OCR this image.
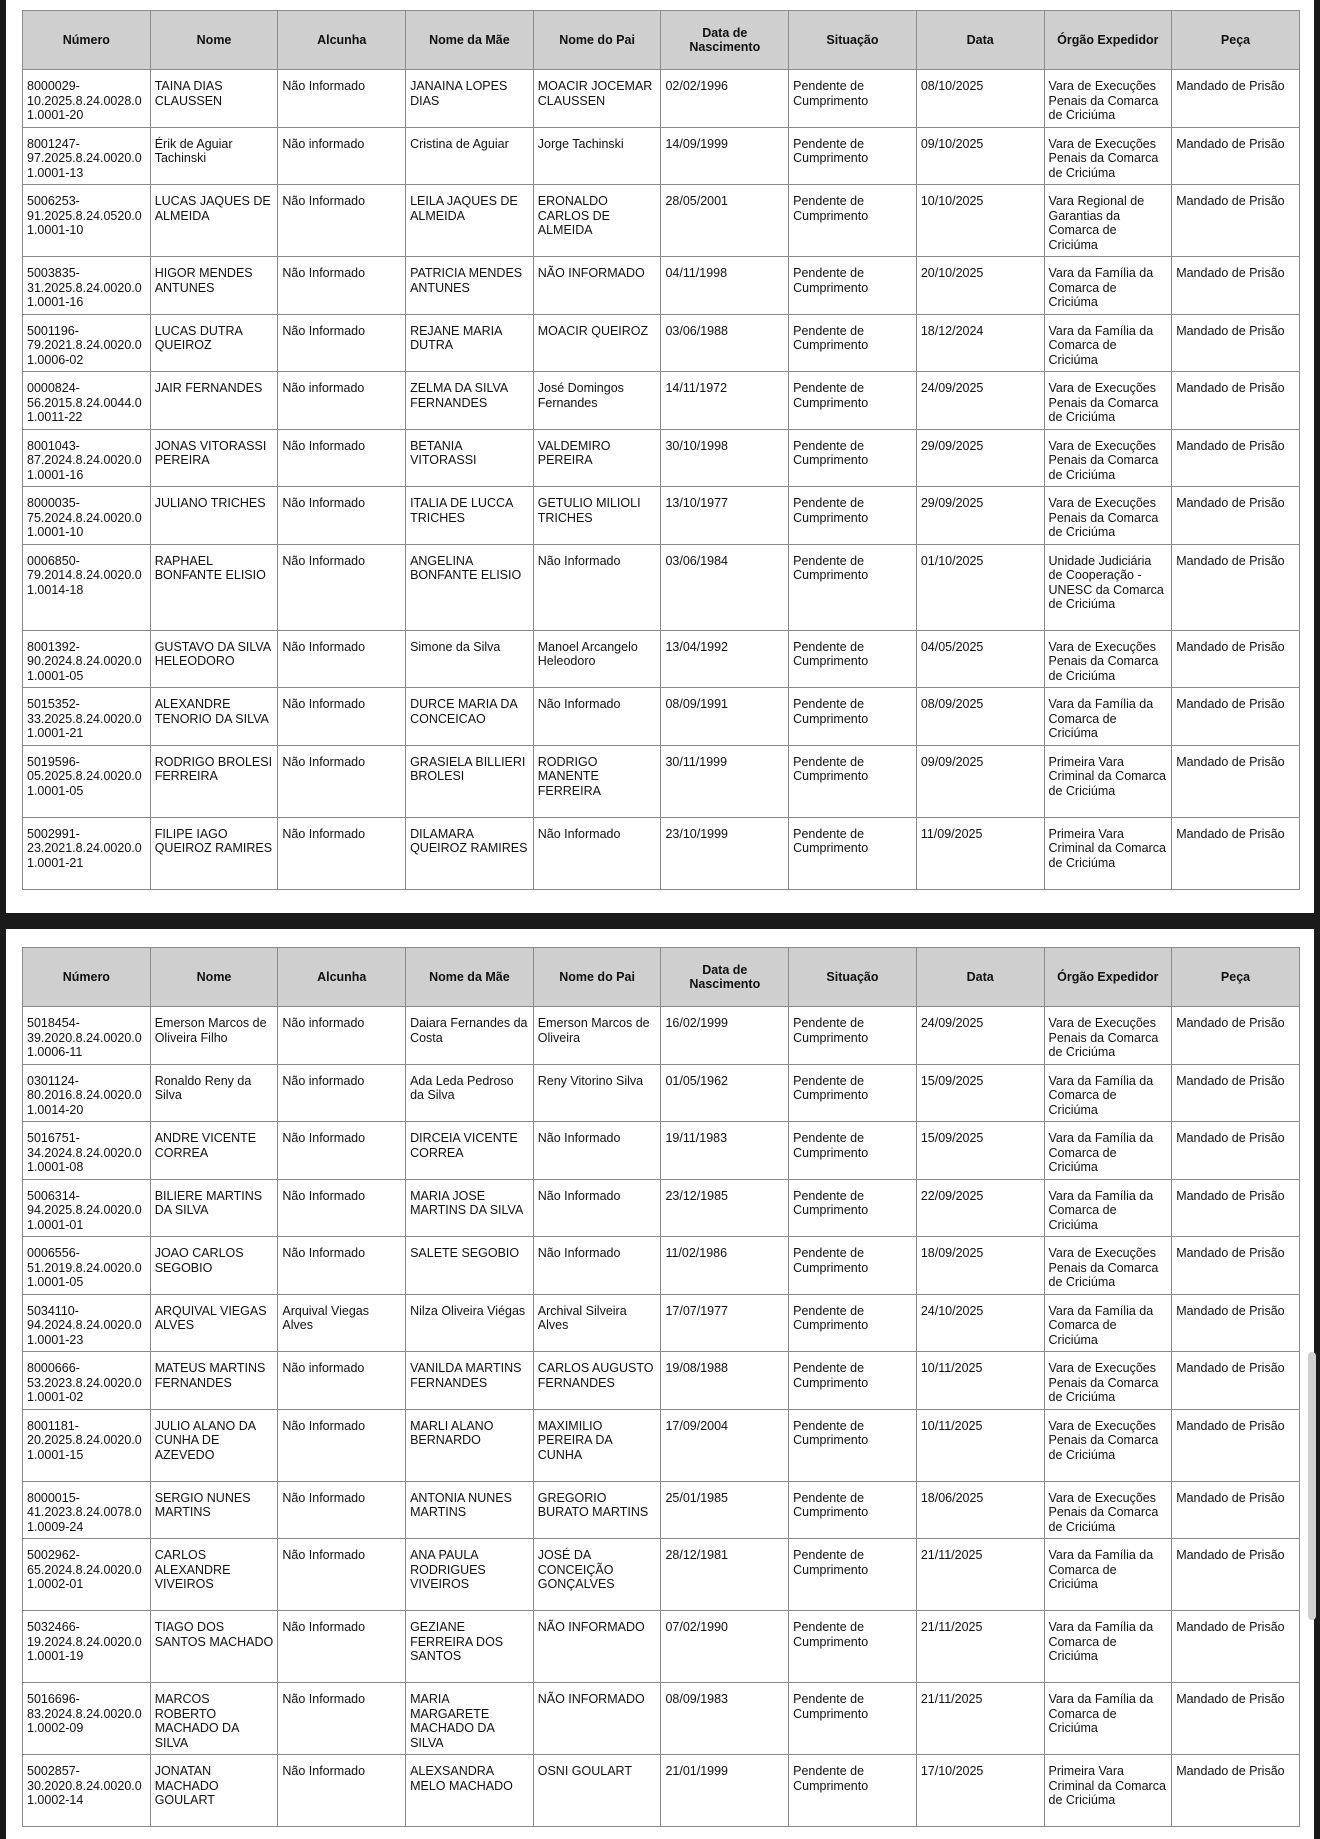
Número	Nome	Alcunha	Nome da Mãe	Nome do Pai	Data de Nascimento	Situação	Data	Órgão Expedidor	Peça
8000029-10.2025.8.24.0028.0 1.0001-20	TAINA DIAS CLAUSSEN	Não Informado	JANAINA LOPES DIAS	MOACIR JOCEMAR CLAUSSEN	02/02/1996	Pendente de Cumprimento	08/10/2025	Vara de Execuções Penais da Comarca de Criciúma	Mandado de Prisão
8001247-97.2025.8.24.0020.0 1.0001-13	Érik de Aguiar Tachinski	Não informado	Cristina de Aguiar	Jorge Tachinski	14/09/1999	Pendente de Cumprimento	09/10/2025	Vara de Execuções Penais da Comarca de Criciúma	Mandado de Prisão
5006253-91.2025.8.24.0520.0 1.0001-10	LUCAS JAQUES DE ALMEIDA	Não Informado	LEILA JAQUES DE ALMEIDA	ERONALDO CARLOS DE ALMEIDA	28/05/2001	Pendente de Cumprimento	10/10/2025	Vara Regional de Garantias da Comarca de Criciúma	Mandado de Prisão
5003835-31.2025.8.24.0020.0 1.0001-16	HIGOR MENDES ANTUNES	Não Informado	PATRICIA MENDES ANTUNES	NÃO INFORMADO	04/11/1998	Pendente de Cumprimento	20/10/2025	Vara da Família da Comarca de Criciúma	Mandado de Prisão
5001196-79.2021.8.24.0020.0 1.0006-02	LUCAS DUTRA QUEIROZ	Não Informado	REJANE MARIA DUTRA	MOACIR QUEIROZ	03/06/1988	Pendente de Cumprimento	18/12/2024	Vara da Família da Comarca de Criciúma	Mandado de Prisão
0000824-56.2015.8.24.0044.0 1.0011-22	JAIR FERNANDES	Não informado	ZELMA DA SILVA FERNANDES	José Domingos Fernandes	14/11/1972	Pendente de Cumprimento	24/09/2025	Vara de Execuções Penais da Comarca de Criciúma	Mandado de Prisão
8001043-87.2024.8.24.0020.0 1.0001-16	JONAS VITORASSI PEREIRA	Não Informado	BETANIA VITORASSI	VALDEMIRO PEREIRA	30/10/1998	Pendente de Cumprimento	29/09/2025	Vara de Execuções Penais da Comarca de Criciúma	Mandado de Prisão
8000035-75.2024.8.24.0020.0 1.0001-10	JULIANO TRICHES	Não Informado	ITALIA DE LUCCA TRICHES	GETULIO MILIOLI TRICHES	13/10/1977	Pendente de Cumprimento	29/09/2025	Vara de Execuções Penais da Comarca de Criciúma	Mandado de Prisão
0006850-79.2014.8.24.0020.0 1.0014-18	RAPHAEL BONFANTE ELISIO	Não Informado	ANGELINA BONFANTE ELISIO	Não Informado	03/06/1984	Pendente de Cumprimento	01/10/2025	Unidade Judiciária de Cooperação - UNESC da Comarca de Criciúma	Mandado de Prisão
8001392-90.2024.8.24.0020.0 1.0001-05	GUSTAVO DA SILVA HELEODORO	Não Informado	Simone da Silva	Manoel Arcangelo Heleodoro	13/04/1992	Pendente de Cumprimento	04/05/2025	Vara de Execuções Penais da Comarca de Criciúma	Mandado de Prisão
5015352-33.2025.8.24.0020.0 1.0001-21	ALEXANDRE TENORIO DA SILVA	Não Informado	DURCE MARIA DA CONCEICAO	Não Informado	08/09/1991	Pendente de Cumprimento	08/09/2025	Vara da Família da Comarca de Criciúma	Mandado de Prisão
5019596-05.2025.8.24.0020.0 1.0001-05	RODRIGO BROLESI FERREIRA	Não Informado	GRASIELA BILLIERI BROLESI	RODRIGO MANENTE FERREIRA	30/11/1999	Pendente de Cumprimento	09/09/2025	Primeira Vara Criminal da Comarca de Criciúma	Mandado de Prisão
5002991-23.2021.8.24.0020.0 1.0001-21	FILIPE IAGO QUEIROZ RAMIRES	Não Informado	DILAMARA QUEIROZ RAMIRES	Não Informado	23/10/1999	Pendente de Cumprimento	11/09/2025	Primeira Vara Criminal da Comarca de Criciúma	Mandado de Prisão
Número	Nome	Alcunha	Nome da Mãe	Nome do Pai	Data de Nascimento	Situação	Data	Órgão Expedidor	Peça
5018454-39.2020.8.24.0020.0 1.0006-11	Emerson Marcos de Oliveira Filho	Não informado	Daiara Fernandes da Costa	Emerson Marcos de Oliveira	16/02/1999	Pendente de Cumprimento	24/09/2025	Vara de Execuções Penais da Comarca de Criciúma	Mandado de Prisão
0301124-80.2016.8.24.0020.0 1.0014-20	Ronaldo Reny da Silva	Não informado	Ada Leda Pedroso da Silva	Reny Vitorino Silva	01/05/1962	Pendente de Cumprimento	15/09/2025	Vara da Família da Comarca de Criciúma	Mandado de Prisão
5016751-34.2024.8.24.0020.0 1.0001-08	ANDRE VICENTE CORREA	Não Informado	DIRCEIA VICENTE CORREA	Não Informado	19/11/1983	Pendente de Cumprimento	15/09/2025	Vara da Família da Comarca de Criciúma	Mandado de Prisão
5006314-94.2025.8.24.0020.0 1.0001-01	BILIERE MARTINS DA SILVA	Não Informado	MARIA JOSE MARTINS DA SILVA	Não Informado	23/12/1985	Pendente de Cumprimento	22/09/2025	Vara da Família da Comarca de Criciúma	Mandado de Prisão
0006556-51.2019.8.24.0020.0 1.0001-05	JOAO CARLOS SEGOBIO	Não Informado	SALETE SEGOBIO	Não Informado	11/02/1986	Pendente de Cumprimento	18/09/2025	Vara de Execuções Penais da Comarca de Criciúma	Mandado de Prisão
5034110-94.2024.8.24.0020.0 1.0001-23	ARQUIVAL VIEGAS ALVES	Arquival Viegas Alves	Nilza Oliveira Viégas	Archival Silveira Alves	17/07/1977	Pendente de Cumprimento	24/10/2025	Vara da Família da Comarca de Criciúma	Mandado de Prisão
8000666-53.2023.8.24.0020.0 1.0001-02	MATEUS MARTINS FERNANDES	Não informado	VANILDA MARTINS FERNANDES	CARLOS AUGUSTO FERNANDES	19/08/1988	Pendente de Cumprimento	10/11/2025	Vara de Execuções Penais da Comarca de Criciúma	Mandado de Prisão
8001181-20.2025.8.24.0020.0 1.0001-15	JULIO ALANO DA CUNHA DE AZEVEDO	Não Informado	MARLI ALANO BERNARDO	MAXIMILIO PEREIRA DA CUNHA	17/09/2004	Pendente de Cumprimento	10/11/2025	Vara de Execuções Penais da Comarca de Criciúma	Mandado de Prisão
8000015-41.2023.8.24.0078.0 1.0009-24	SERGIO NUNES MARTINS	Não Informado	ANTONIA NUNES MARTINS	GREGORIO BURATO MARTINS	25/01/1985	Pendente de Cumprimento	18/06/2025	Vara de Execuções Penais da Comarca de Criciúma	Mandado de Prisão
5002962-65.2024.8.24.0020.0 1.0002-01	CARLOS ALEXANDRE VIVEIROS	Não Informado	ANA PAULA RODRIGUES VIVEIROS	JOSÉ DA CONCEIÇÃO GONÇALVES	28/12/1981	Pendente de Cumprimento	21/11/2025	Vara da Família da Comarca de Criciúma	Mandado de Prisão
5032466-19.2024.8.24.0020.0 1.0001-19	TIAGO DOS SANTOS MACHADO	Não Informado	GEZIANE FERREIRA DOS SANTOS	NÃO INFORMADO	07/02/1990	Pendente de Cumprimento	21/11/2025	Vara da Família da Comarca de Criciúma	Mandado de Prisão
5016696-83.2024.8.24.0020.0 1.0002-09	MARCOS ROBERTO MACHADO DA SILVA	Não Informado	MARIA MARGARETE MACHADO DA SILVA	NÃO INFORMADO	08/09/1983	Pendente de Cumprimento	21/11/2025	Vara da Família da Comarca de Criciúma	Mandado de Prisão
5002857-30.2020.8.24.0020.0 1.0002-14	JONATAN MACHADO GOULART	Não Informado	ALEXSANDRA MELO MACHADO	OSNI GOULART	21/01/1999	Pendente de Cumprimento	17/10/2025	Primeira Vara Criminal da Comarca de Criciúma	Mandado de Prisão
